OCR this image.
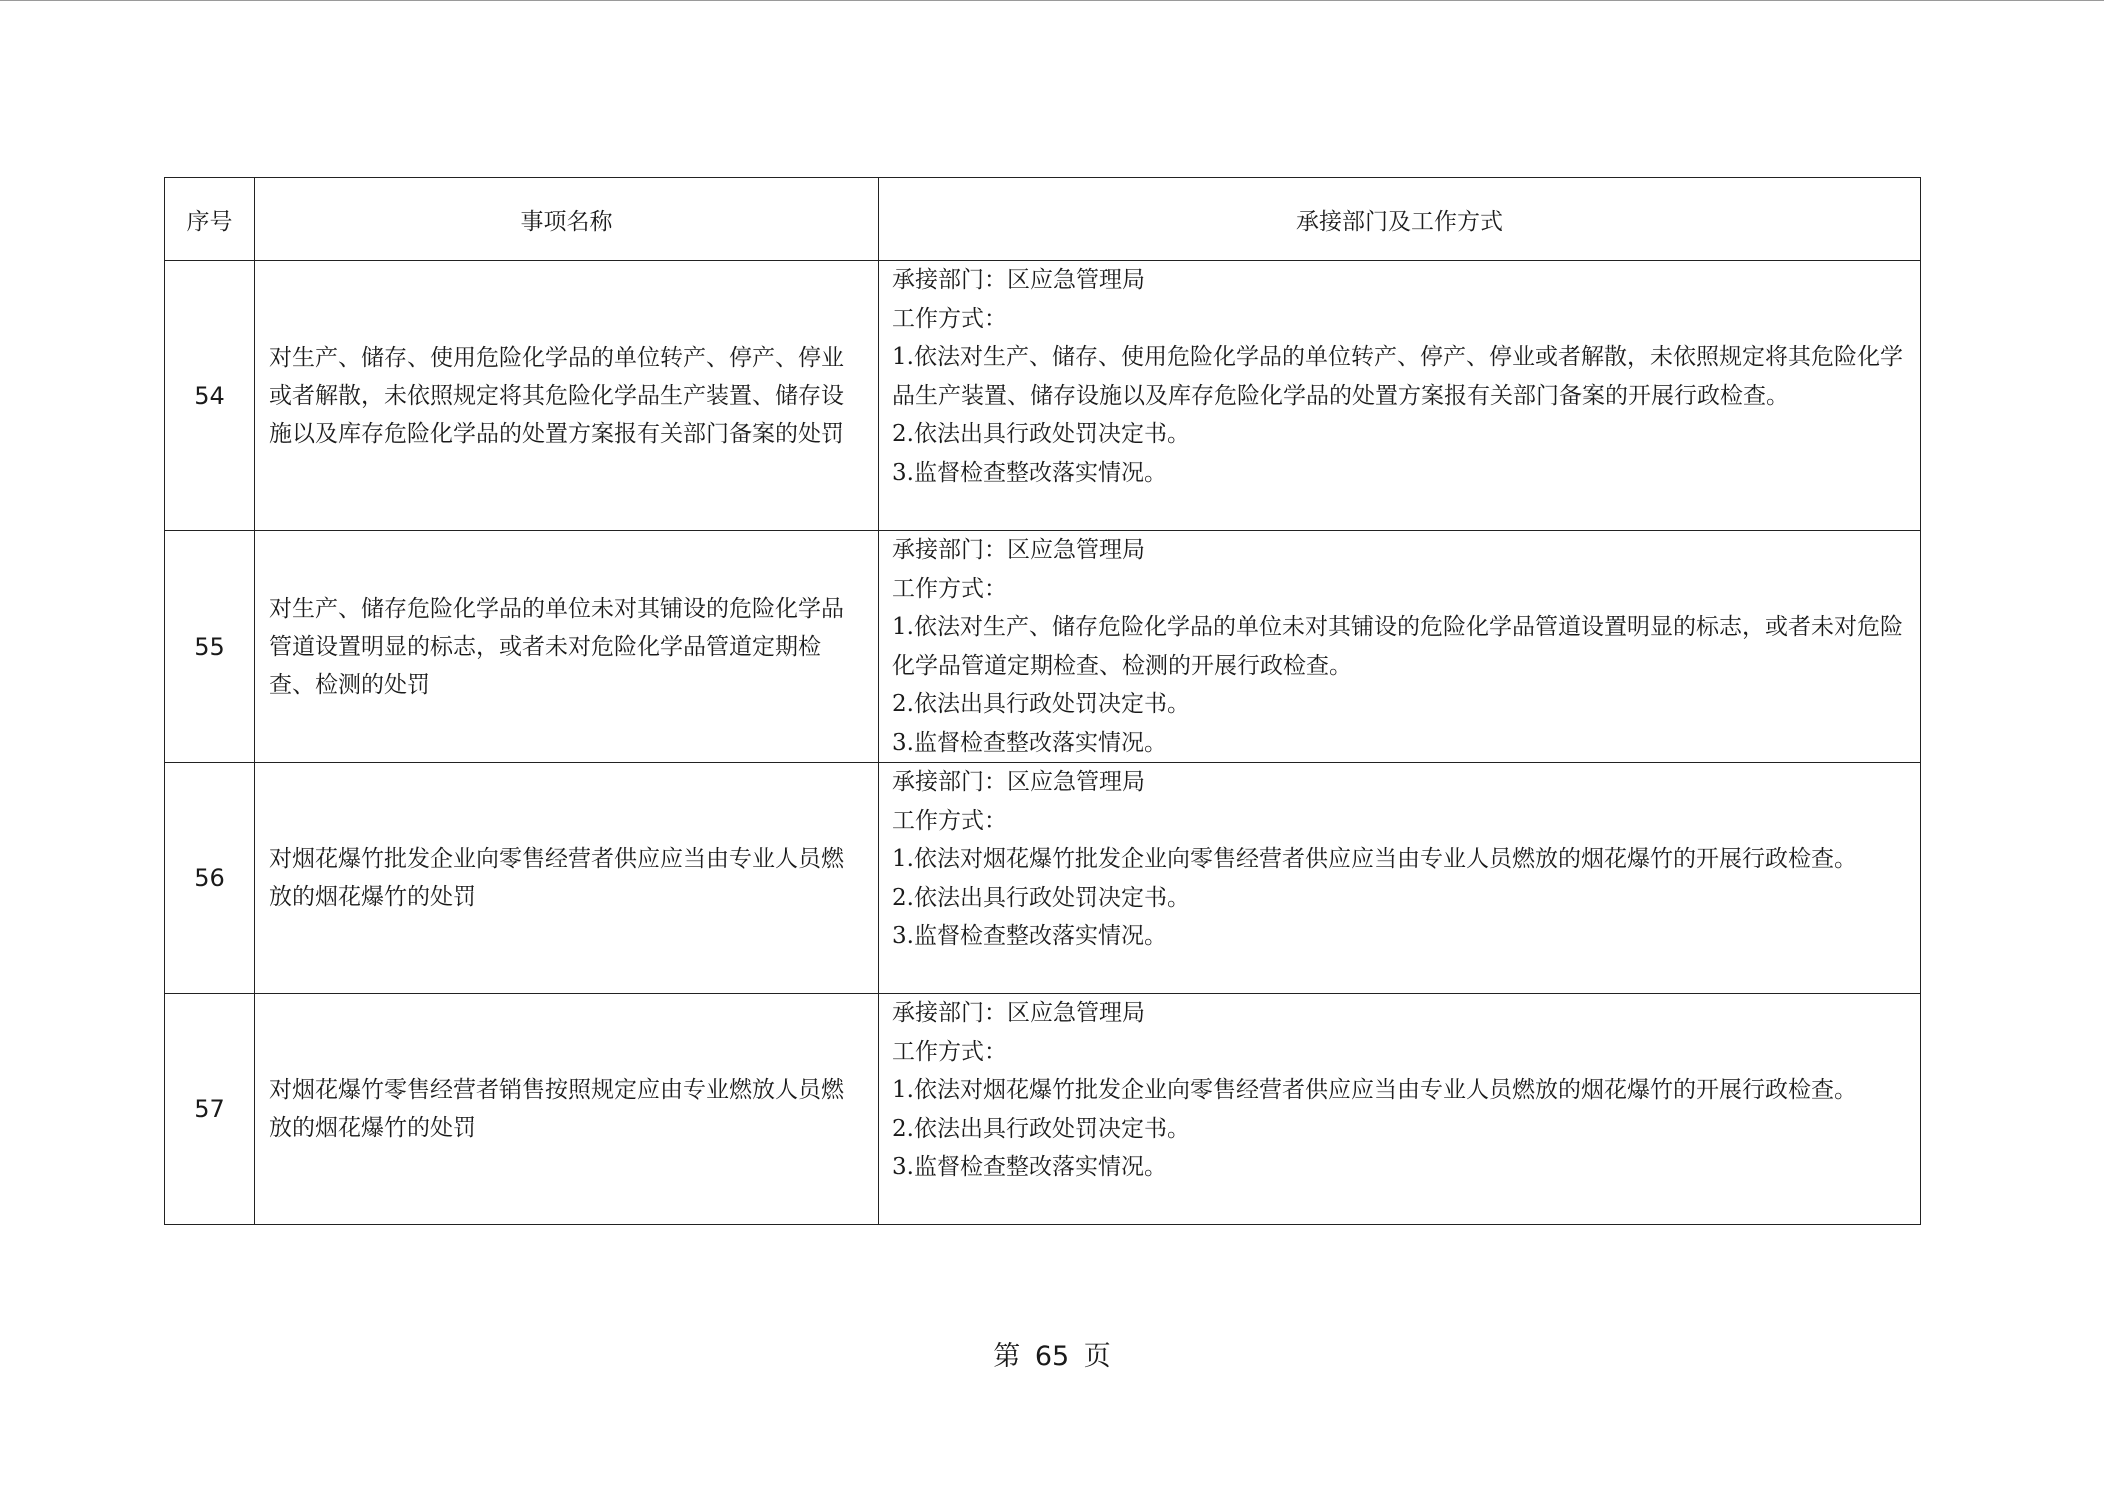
序号	事项名称	承接部门及工作方式
54	对生产、储存、使用危险化学品的单位转产、停产、停业或者解散，未依照规定将其危险化学品生产装置、储存设施以及库存危险化学品的处置方案报有关部门备案的处罚	承接部门：区应急管理局
工作方式：
1.依法对生产、储存、使用危险化学品的单位转产、停产、停业或者解散，未依照规定将其危险化学品生产装置、储存设施以及库存危险化学品的处置方案报有关部门备案的开展行政检查。
2.依法出具行政处罚决定书。
3.监督检查整改落实情况。

55	对生产、储存危险化学品的单位未对其铺设的危险化学品管道设置明显的标志，或者未对危险化学品管道定期检查、检测的处罚	承接部门：区应急管理局
工作方式：
1.依法对生产、储存危险化学品的单位未对其铺设的危险化学品管道设置明显的标志，或者未对危险化学品管道定期检查、检测的开展行政检查。
2.依法出具行政处罚决定书。
3.监督检查整改落实情况。

56	对烟花爆竹批发企业向零售经营者供应应当由专业人员燃放的烟花爆竹的处罚	承接部门：区应急管理局
工作方式：
1.依法对烟花爆竹批发企业向零售经营者供应应当由专业人员燃放的烟花爆竹的开展行政检查。
2.依法出具行政处罚决定书。
3.监督检查整改落实情况。

57	对烟花爆竹零售经营者销售按照规定应由专业燃放人员燃放的烟花爆竹的处罚	承接部门：区应急管理局
工作方式：
1.依法对烟花爆竹批发企业向零售经营者供应应当由专业人员燃放的烟花爆竹的开展行政检查。
2.依法出具行政处罚决定书。
3.监督检查整改落实情况。
第 65 页
